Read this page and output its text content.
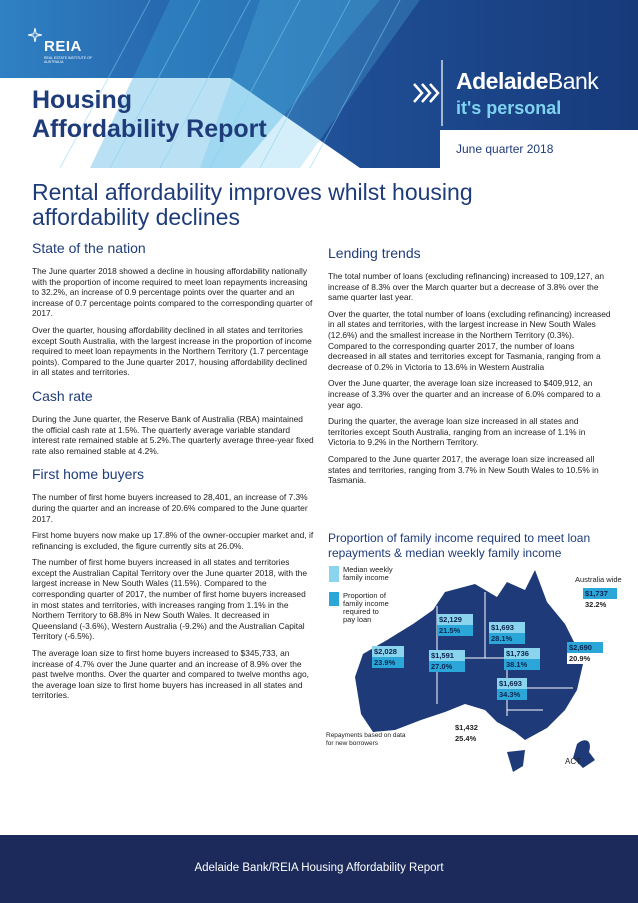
REIA
REAL ESTATE INSTITUTE OF AUSTRALIA
Housing
Affordability Report
AdelaideBank
it's personal
June quarter 2018
Rental affordability improves whilst housing affordability declines
State of the nation

The June quarter 2018 showed a decline in housing affordability nationally with the proportion of income required to meet loan repayments increasing to 32.2%, an increase of 0.9 percentage points over the quarter and an increase of 0.7 percentage points compared to the corresponding quarter of 2017.

Over the quarter, housing affordability declined in all states and territories except South Australia, with the largest increase in the proportion of income required to meet loan repayments in the Northern Territory (1.7 percentage points). Compared to the June quarter 2017, housing affordability declined in all states and territories.

Cash rate

During the June quarter, the Reserve Bank of Australia (RBA) maintained the official cash rate at 1.5%. The quarterly average variable standard interest rate remained stable at 5.2%.The quarterly average three-year fixed rate also remained stable at 4.2%.

First home buyers

The number of first home buyers increased to 28,401, an increase of 7.3% during the quarter and an increase of 20.6% compared to the June quarter 2017.

First home buyers now make up 17.8% of the owner-occupier market and, if refinancing is excluded, the figure currently sits at 26.0%.

The number of first home buyers increased in all states and territories except the Australian Capital Territory over the June quarter 2018, with the largest increase in New South Wales (11.5%). Compared to the corresponding quarter of 2017, the number of first home buyers increased in most states and territories, with increases ranging from 1.1% in the Northern Territory to 68.8% in New South Wales. It decreased in Queensland (-3.6%), Western Australia (-9.2%) and the Australian Capital Territory (-6.5%).

The average loan size to first home buyers increased to $345,733, an increase of 4.7% over the June quarter and an increase of 8.9% over the past twelve months. Over the quarter and compared to twelve months ago, the average loan size to first home buyers has increased in all states and territories.

Lending trends

The total number of loans (excluding refinancing) increased to 109,127, an increase of 8.3% over the March quarter but a decrease of 3.8% over the same quarter last year.

Over the quarter, the total number of loans (excluding refinancing) increased in all states and territories, with the largest increase in New South Wales (12.6%) and the smallest increase in the Northern Territory (0.3%). Compared to the corresponding quarter 2017, the number of loans decreased in all states and territories except for Tasmania, ranging from a decrease of 0.2% in Victoria to 13.6% in Western Australia

Over the June quarter, the average loan size increased to $409,912, an increase of 3.3% over the quarter and an increase of 6.0% compared to a year ago.

During the quarter, the average loan size increased in all states and territories except South Australia, ranging from an increase of 1.1% in Victoria to 9.2% in the Northern Territory.

Compared to the June quarter 2017, the average loan size increased all states and territories, ranging from 3.7% in New South Wales to 10.5% in Tasmania.

Proportion of family income required to meet loan repayments & median weekly family income
Median weekly family income
Proportion of family income required to pay loan
Repayments based on data for new borrowers
Australia wide
ACT
$2,028
23.9%
$2,129
21.5%	$1,693
28.1%
$1,591
27.0%
$1,736
38.1%
$1,693
34.3%
$1,432
25.4%
$1,737
32.2%
$2,690
20.9%
Adelaide Bank/REIA Housing Affordability Report
